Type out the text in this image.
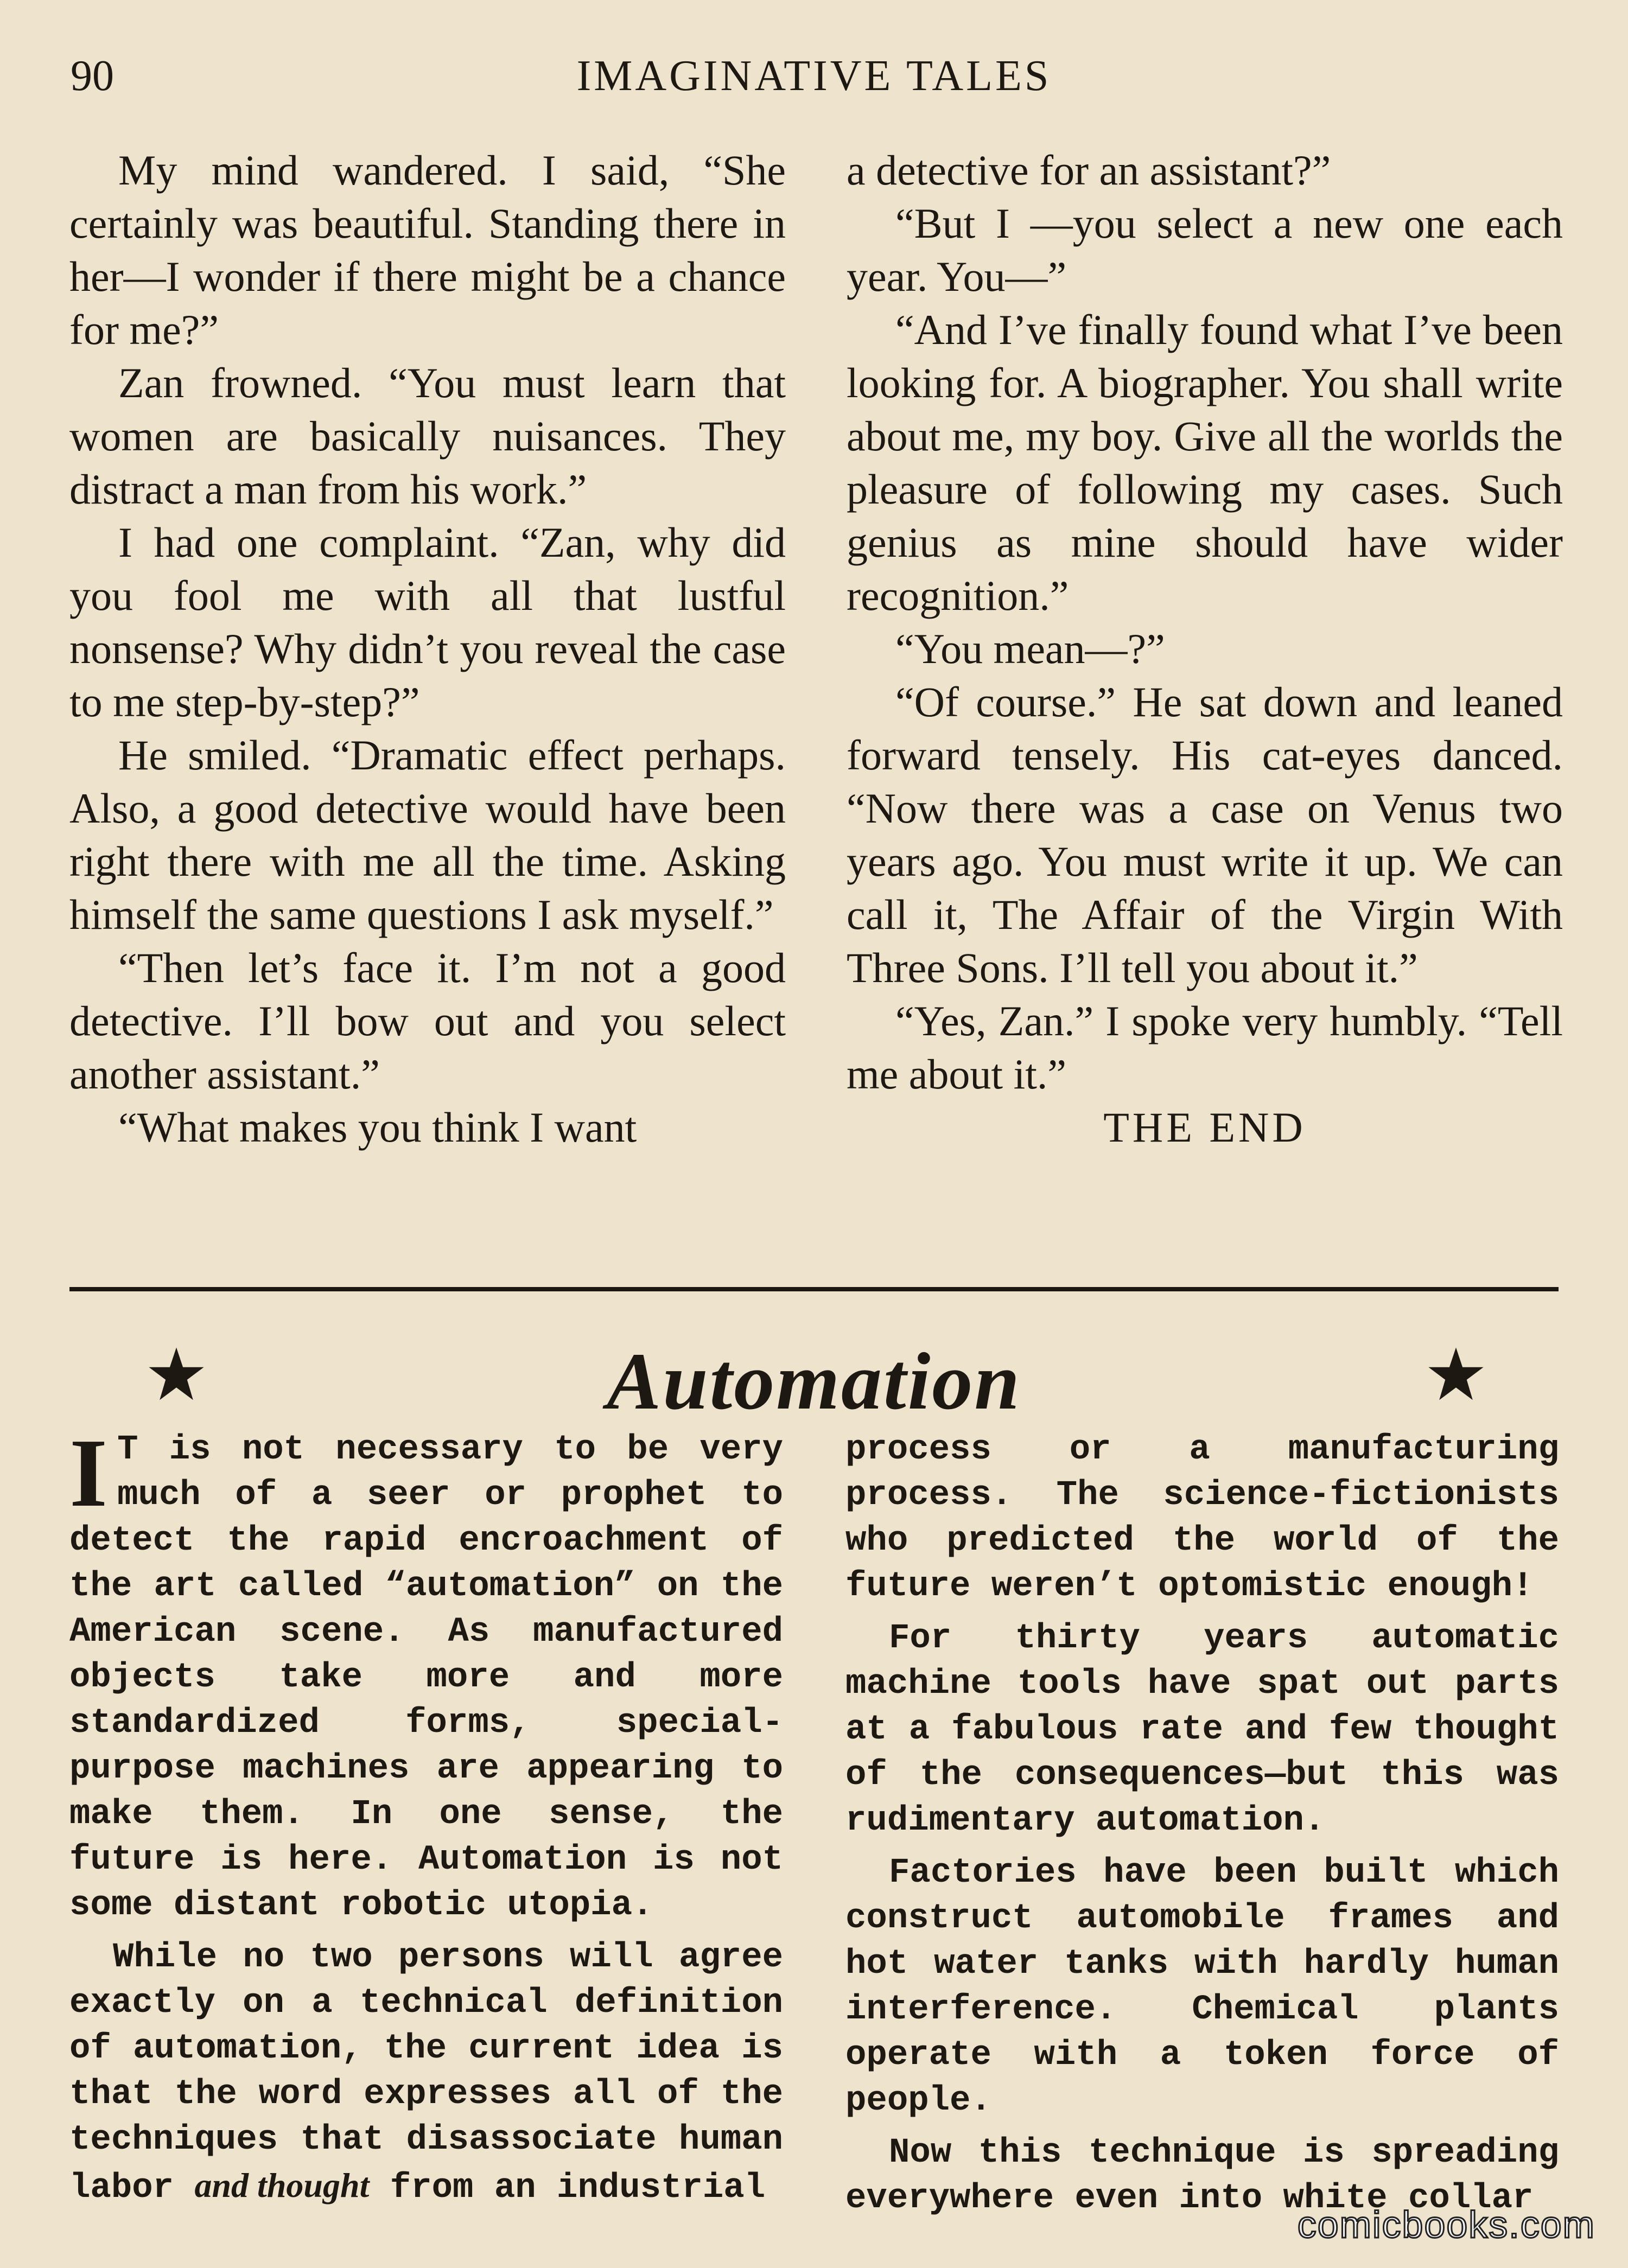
90	IMAGINATIVE TALES

My mind wandered. I said, “She certainly was beautiful. Standing there in her—I wonder if there might be a chance for me?”

Zan frowned. “You must learn that women are basically nuisances. They distract a man from his work.”

I had one complaint. “Zan, why did you fool me with all that lustful nonsense? Why didn’t you reveal the case to me step-by-step?”

He smiled. “Dramatic effect perhaps. Also, a good detective would have been right there with me all the time. Asking himself the same questions I ask myself.”

“Then let’s face it. I’m not a good detective. I’ll bow out and you select another assistant.”

“What makes you think I want

a detective for an assistant?”

“But I —you select a new one each year. You—”

“And I’ve finally found what I’ve been looking for. A biographer. You shall write about me, my boy. Give all the worlds the pleasure of following my cases. Such genius as mine should have wider recognition.”

“You mean—?”

“Of course.” He sat down and leaned forward tensely. His cat-eyes danced. “Now there was a case on Venus two years ago. You must write it up. We can call it, The Affair of the Virgin With Three Sons. I’ll tell you about it.”

“Yes, Zan.” I spoke very humbly. “Tell me about it.”

THE END

Automation

I T is not necessary to be very much of a seer or prophet to detect the rapid encroachment of the art called “automation” on the American scene. As manufactured objects take more and more standardized forms, special-purpose machines are appearing to make them. In one sense, the future is here. Automation is not some distant robotic utopia.

While no two persons will agree exactly on a technical definition of automation, the current idea is that the word expresses all of the techniques that disassociate human labor and thought from an industrial

process or a manufacturing process. The science-fictionists who predicted the world of the future weren’t optomistic enough!

For thirty years automatic machine tools have spat out parts at a fabulous rate and few thought of the consequences—but this was rudimentary automation.

Factories have been built which construct automobile frames and hot water tanks with hardly human interference. Chemical plants operate with a token force of people.

Now this technique is spreading everywhere even into white collar

comicbooks.com
